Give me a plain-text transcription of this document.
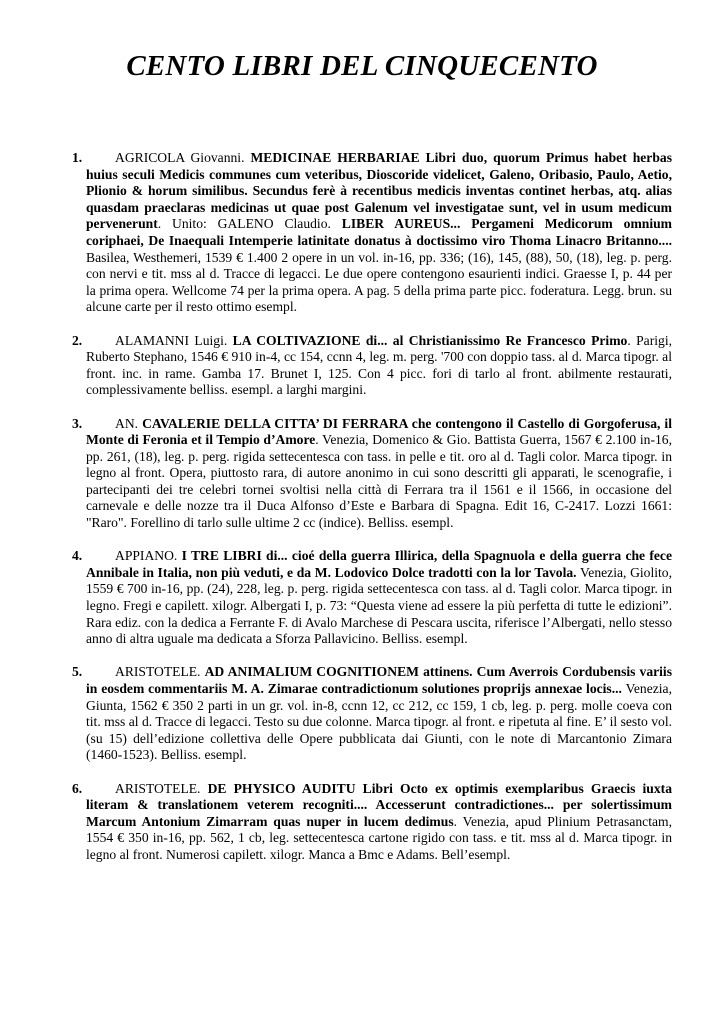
CENTO LIBRI DEL CINQUECENTO
1.	AGRICOLA Giovanni. MEDICINAE HERBARIAE Libri duo, quorum Primus habet herbas huius seculi Medicis communes cum veteribus, Dioscoride videlicet, Galeno, Oribasio, Paulo, Aetio, Plionio & horum similibus. Secundus ferè à recentibus medicis inventas continet herbas, atq. alias quasdam praeclaras medicinas ut quae post Galenum vel investigatae sunt, vel in usum medicum pervenerunt. Unito: GALENO Claudio. LIBER AUREUS... Pergameni Medicorum omnium coriphaei, De Inaequali Intemperie latinitate donatus à doctissimo viro Thoma Linacro Britanno.... Basilea, Westhemeri, 1539 € 1.400 2 opere in un vol. in-16, pp. 336; (16), 145, (88), 50, (18), leg. p. perg. con nervi e tit. mss al d. Tracce di legacci. Le due opere contengono esaurienti indici. Graesse I, p. 44 per la prima opera. Wellcome 74 per la prima opera. A pag. 5 della prima parte picc. foderatura. Legg. brun. su alcune carte per il resto ottimo esempl.
2.	ALAMANNI Luigi. LA COLTIVAZIONE di... al Christianissimo Re Francesco Primo. Parigi, Ruberto Stephano, 1546 € 910 in-4, cc 154, ccnn 4, leg. m. perg. '700 con doppio tass. al d. Marca tipogr. al front. inc. in rame. Gamba 17. Brunet I, 125. Con 4 picc. fori di tarlo al front. abilmente restaurati, complessivamente belliss. esempl. a larghi margini.
3.	AN. CAVALERIE DELLA CITTA’ DI FERRARA che contengono il Castello di Gorgoferusa, il Monte di Feronia et il Tempio d’Amore. Venezia, Domenico & Gio. Battista Guerra, 1567 € 2.100 in-16, pp. 261, (18), leg. p. perg. rigida settecentesca con tass. in pelle e tit. oro al d. Tagli color. Marca tipogr. in legno al front. Opera, piuttosto rara, di autore anonimo in cui sono descritti gli apparati, le scenografie, i partecipanti dei tre celebri tornei svoltisi nella città di Ferrara tra il 1561 e il 1566, in occasione del carnevale e delle nozze tra il Duca Alfonso d’Este e Barbara di Spagna. Edit 16, C-2417. Lozzi 1661: "Raro". Forellino di tarlo sulle ultime 2 cc (indice). Belliss. esempl.
4.	APPIANO. I TRE LIBRI di... cioé della guerra Illirica, della Spagnuola e della guerra che fece Annibale in Italia, non più veduti, e da M. Lodovico Dolce tradotti con la lor Tavola. Venezia, Giolito, 1559 € 700 in-16, pp. (24), 228, leg. p. perg. rigida settecentesca con tass. al d. Tagli color. Marca tipogr. in legno. Fregi e capilett. xilogr. Albergati I, p. 73: “Questa viene ad essere la più perfetta di tutte le edizioni”. Rara ediz. con la dedica a Ferrante F. di Avalo Marchese di Pescara uscita, riferisce l’Albergati, nello stesso anno di altra uguale ma dedicata a Sforza Pallavicino. Belliss. esempl.
5.	ARISTOTELE. AD ANIMALIUM COGNITIONEM attinens. Cum Averrois Cordubensis variis in eosdem commentariis M. A. Zimarae contradictionum solutiones proprijs annexae locis... Venezia, Giunta, 1562 € 350 2 parti in un gr. vol. in-8, ccnn 12, cc 212, cc 159, 1 cb, leg. p. perg. molle coeva con tit. mss al d. Tracce di legacci. Testo su due colonne. Marca tipogr. al front. e ripetuta al fine. E’ il sesto vol. (su 15) dell’edizione collettiva delle Opere pubblicata dai Giunti, con le note di Marcantonio Zimara (1460-1523). Belliss. esempl.
6.	ARISTOTELE. DE PHYSICO AUDITU Libri Octo ex optimis exemplaribus Graecis iuxta literam & translationem veterem recogniti.... Accesserunt contradictiones... per solertissimum Marcum Antonium Zimarram quas nuper in lucem dedimus. Venezia, apud Plinium Petrasanctam, 1554 € 350 in-16, pp. 562, 1 cb, leg. settecentesca cartone rigido con tass. e tit. mss al d. Marca tipogr. in legno al front. Numerosi capilett. xilogr. Manca a Bmc e Adams. Bell’esempl.
